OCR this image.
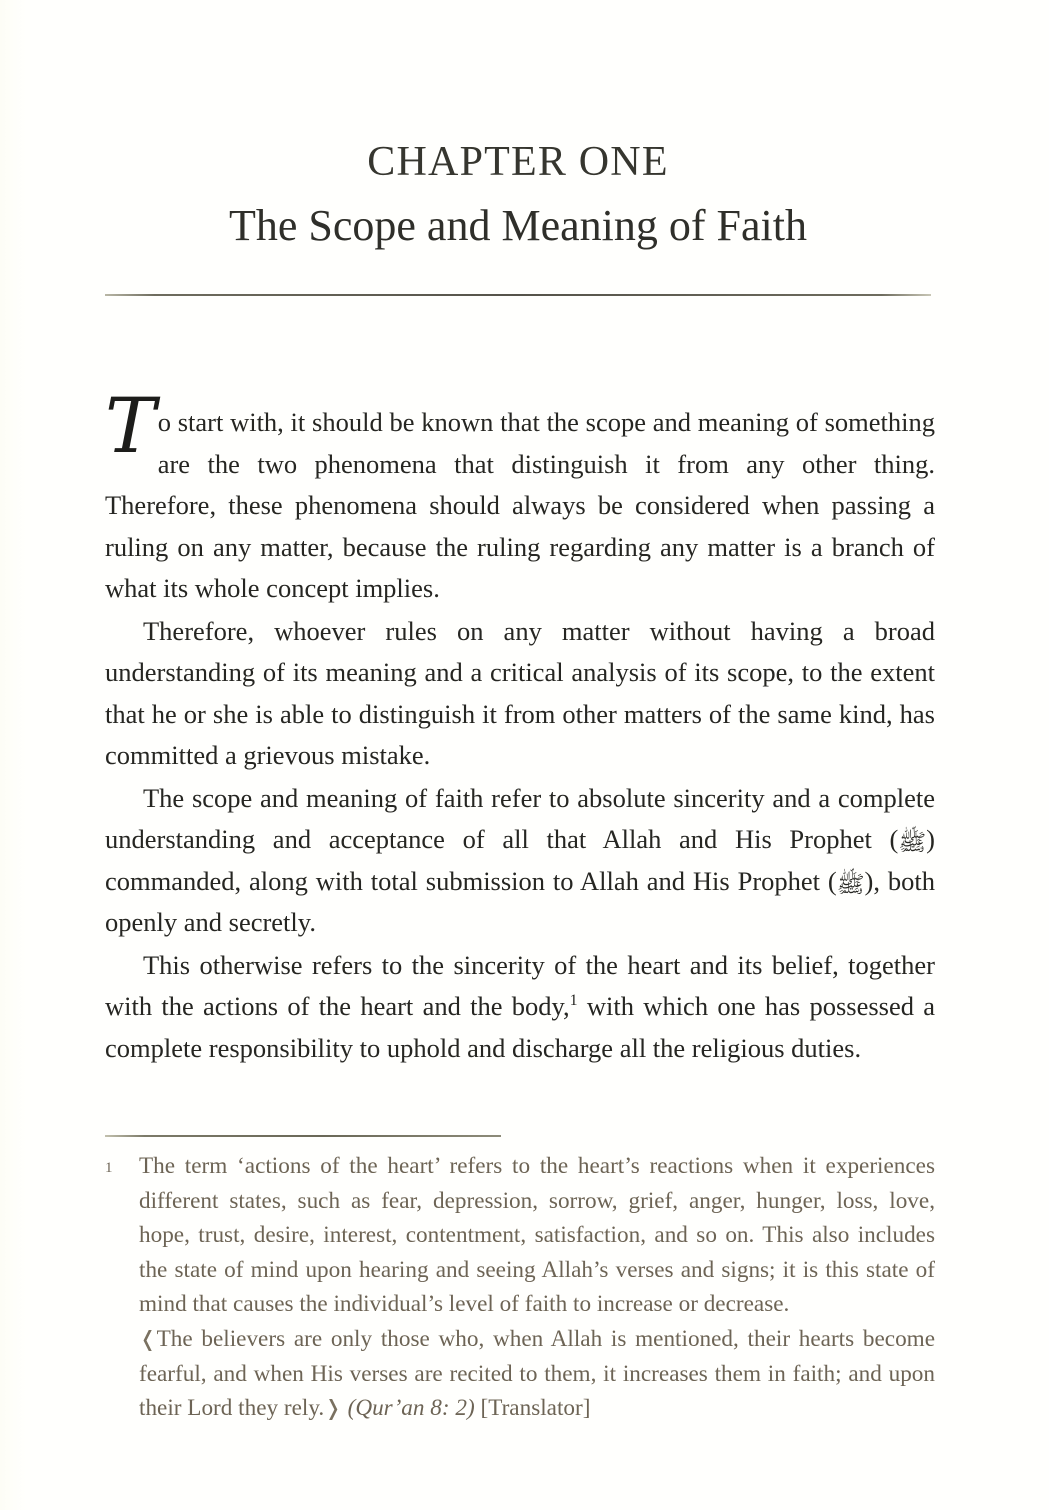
CHAPTER ONE
The Scope and Meaning of Faith

To start with, it should be known that the scope and meaning of something are the two phenomena that distinguish it from any other thing. Therefore, these phenomena should always be considered when passing a ruling on any matter, because the ruling regarding any matter is a branch of what its whole concept implies.

Therefore, whoever rules on any matter without having a broad understanding of its meaning and a critical analysis of its scope, to the extent that he or she is able to distinguish it from other matters of the same kind, has committed a grievous mistake.

The scope and meaning of faith refer to absolute sincerity and a complete understanding and acceptance of all that Allah and His Prophet (ﷺ) commanded, along with total submission to Allah and His Prophet (ﷺ), both openly and secretly.

This otherwise refers to the sincerity of the heart and its belief, together with the actions of the heart and the body,$^1$ with which one has possessed a complete responsibility to uphold and discharge all the religious duties.

1 The term ‘actions of the heart’ refers to the heart’s reactions when it experiences different states, such as fear, depression, sorrow, grief, anger, hunger, loss, love, hope, trust, desire, interest, contentment, satisfaction, and so on. This also includes the state of mind upon hearing and seeing Allah’s verses and signs; it is this state of mind that causes the individual’s level of faith to increase or decrease.

❬The believers are only those who, when Allah is mentioned, their hearts become fearful, and when His verses are recited to them, it increases them in faith; and upon their Lord they rely.❭ (Qur’an 8: 2) [Translator]
